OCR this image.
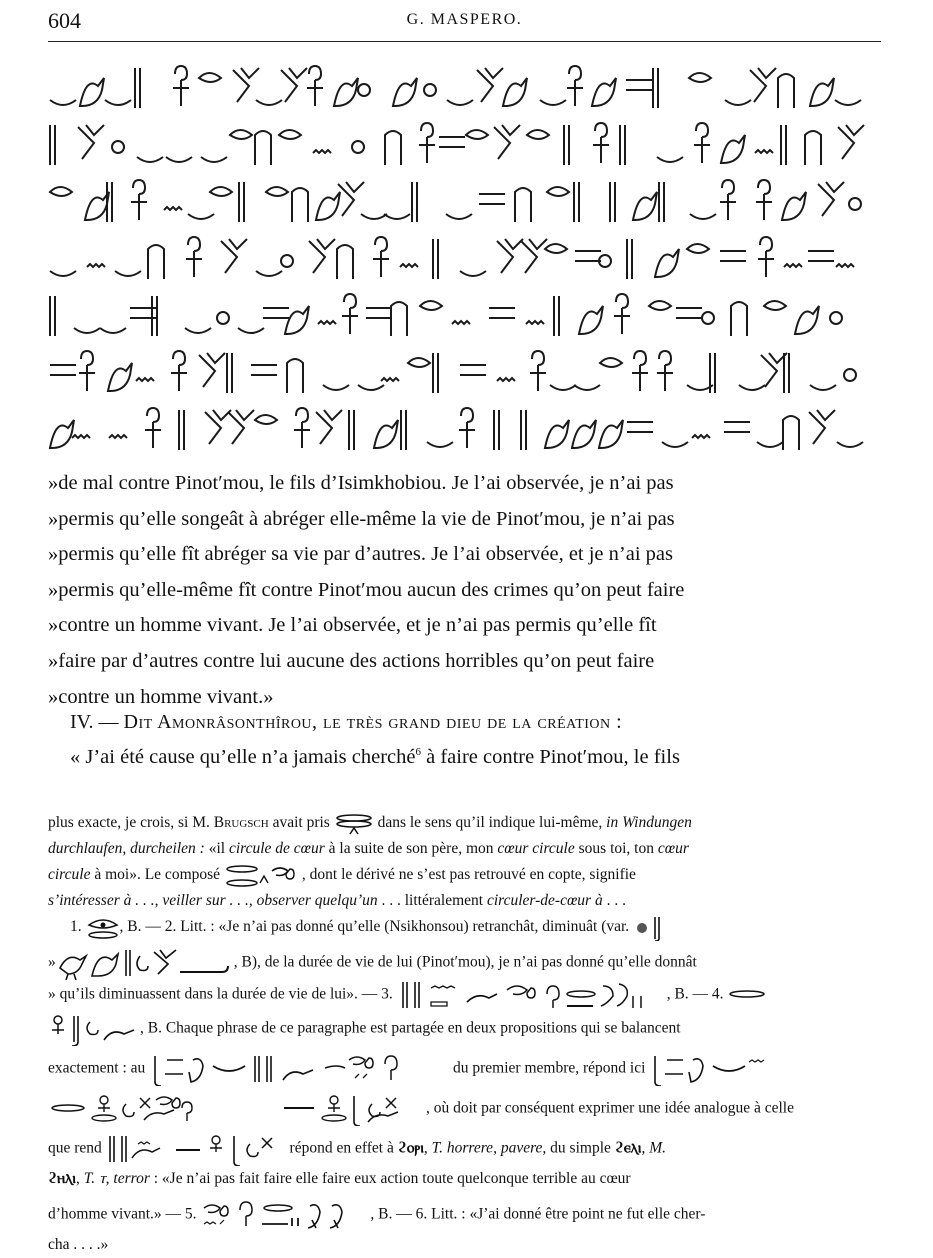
604	G. MASPERO.
»de mal contre Pinot′mou, le fils d’Isimkhobiou. Je l’ai observée, je n’ai pas
»permis qu’elle songeât à abréger elle-même la vie de Pinot′mou, je n’ai pas
»permis qu’elle fît abréger sa vie par d’autres. Je l’ai observée, et je n’ai pas
»permis qu’elle-même fît contre Pinot′mou aucun des crimes qu’on peut faire
»contre un homme vivant. Je l’ai observée, et je n’ai pas permis qu’elle fît
»faire par d’autres contre lui aucune des actions horribles qu’on peut faire
»contre un homme vivant.»
IV. — Dit Amonrâsonthîrou, le très grand dieu de la création :
« J’ai été cause qu’elle n’a jamais cherché$^6$ à faire contre Pinot′mou, le fils
plus exacte, je crois, si M. Brugsch avait pris	dans le sens qu’il indique lui-même, in Windungen
durchlaufen, durcheilen : «il circule de cœur à la suite de son père, mon cœur circule sous toi, ton cœur
circule à moi». Le composé	, dont le dérivé ne s’est pas retrouvé en copte, signifie
s’intéresser à . . ., veiller sur . . ., observer quelqu’un . . . littéralement circuler-de-cœur à . . .
1. , B. — 2. Litt. : «Je n’ai pas donné qu’elle (Nsikhonsou) retranchât, diminuât (var.
»	, B), de la durée de vie de lui (Pinot′mou), je n’ai pas donné qu’elle donnât
» qu’ils diminuassent dans la durée de vie de lui». — 3.	, B. — 4.
, B. Chaque phrase de ce paragraphe est partagée en deux propositions qui se balancent
exactement : au	du premier membre, répond ici
, où doit par conséquent exprimer une idée analogue à celle
que rend	répond en effet à ϩⲟⲣⲓ, T. horrere, pavere, du simple ϩⲉⲗⲓ, M.
ϩⲏⲗⲓ, T. ⲧ, terror : «Je n’ai pas fait faire elle faire eux action toute quelconque terrible au cœur
d’homme vivant.» — 5.	, B. — 6. Litt. : «J’ai donné être point ne fut elle cher-
cha . . . .»
